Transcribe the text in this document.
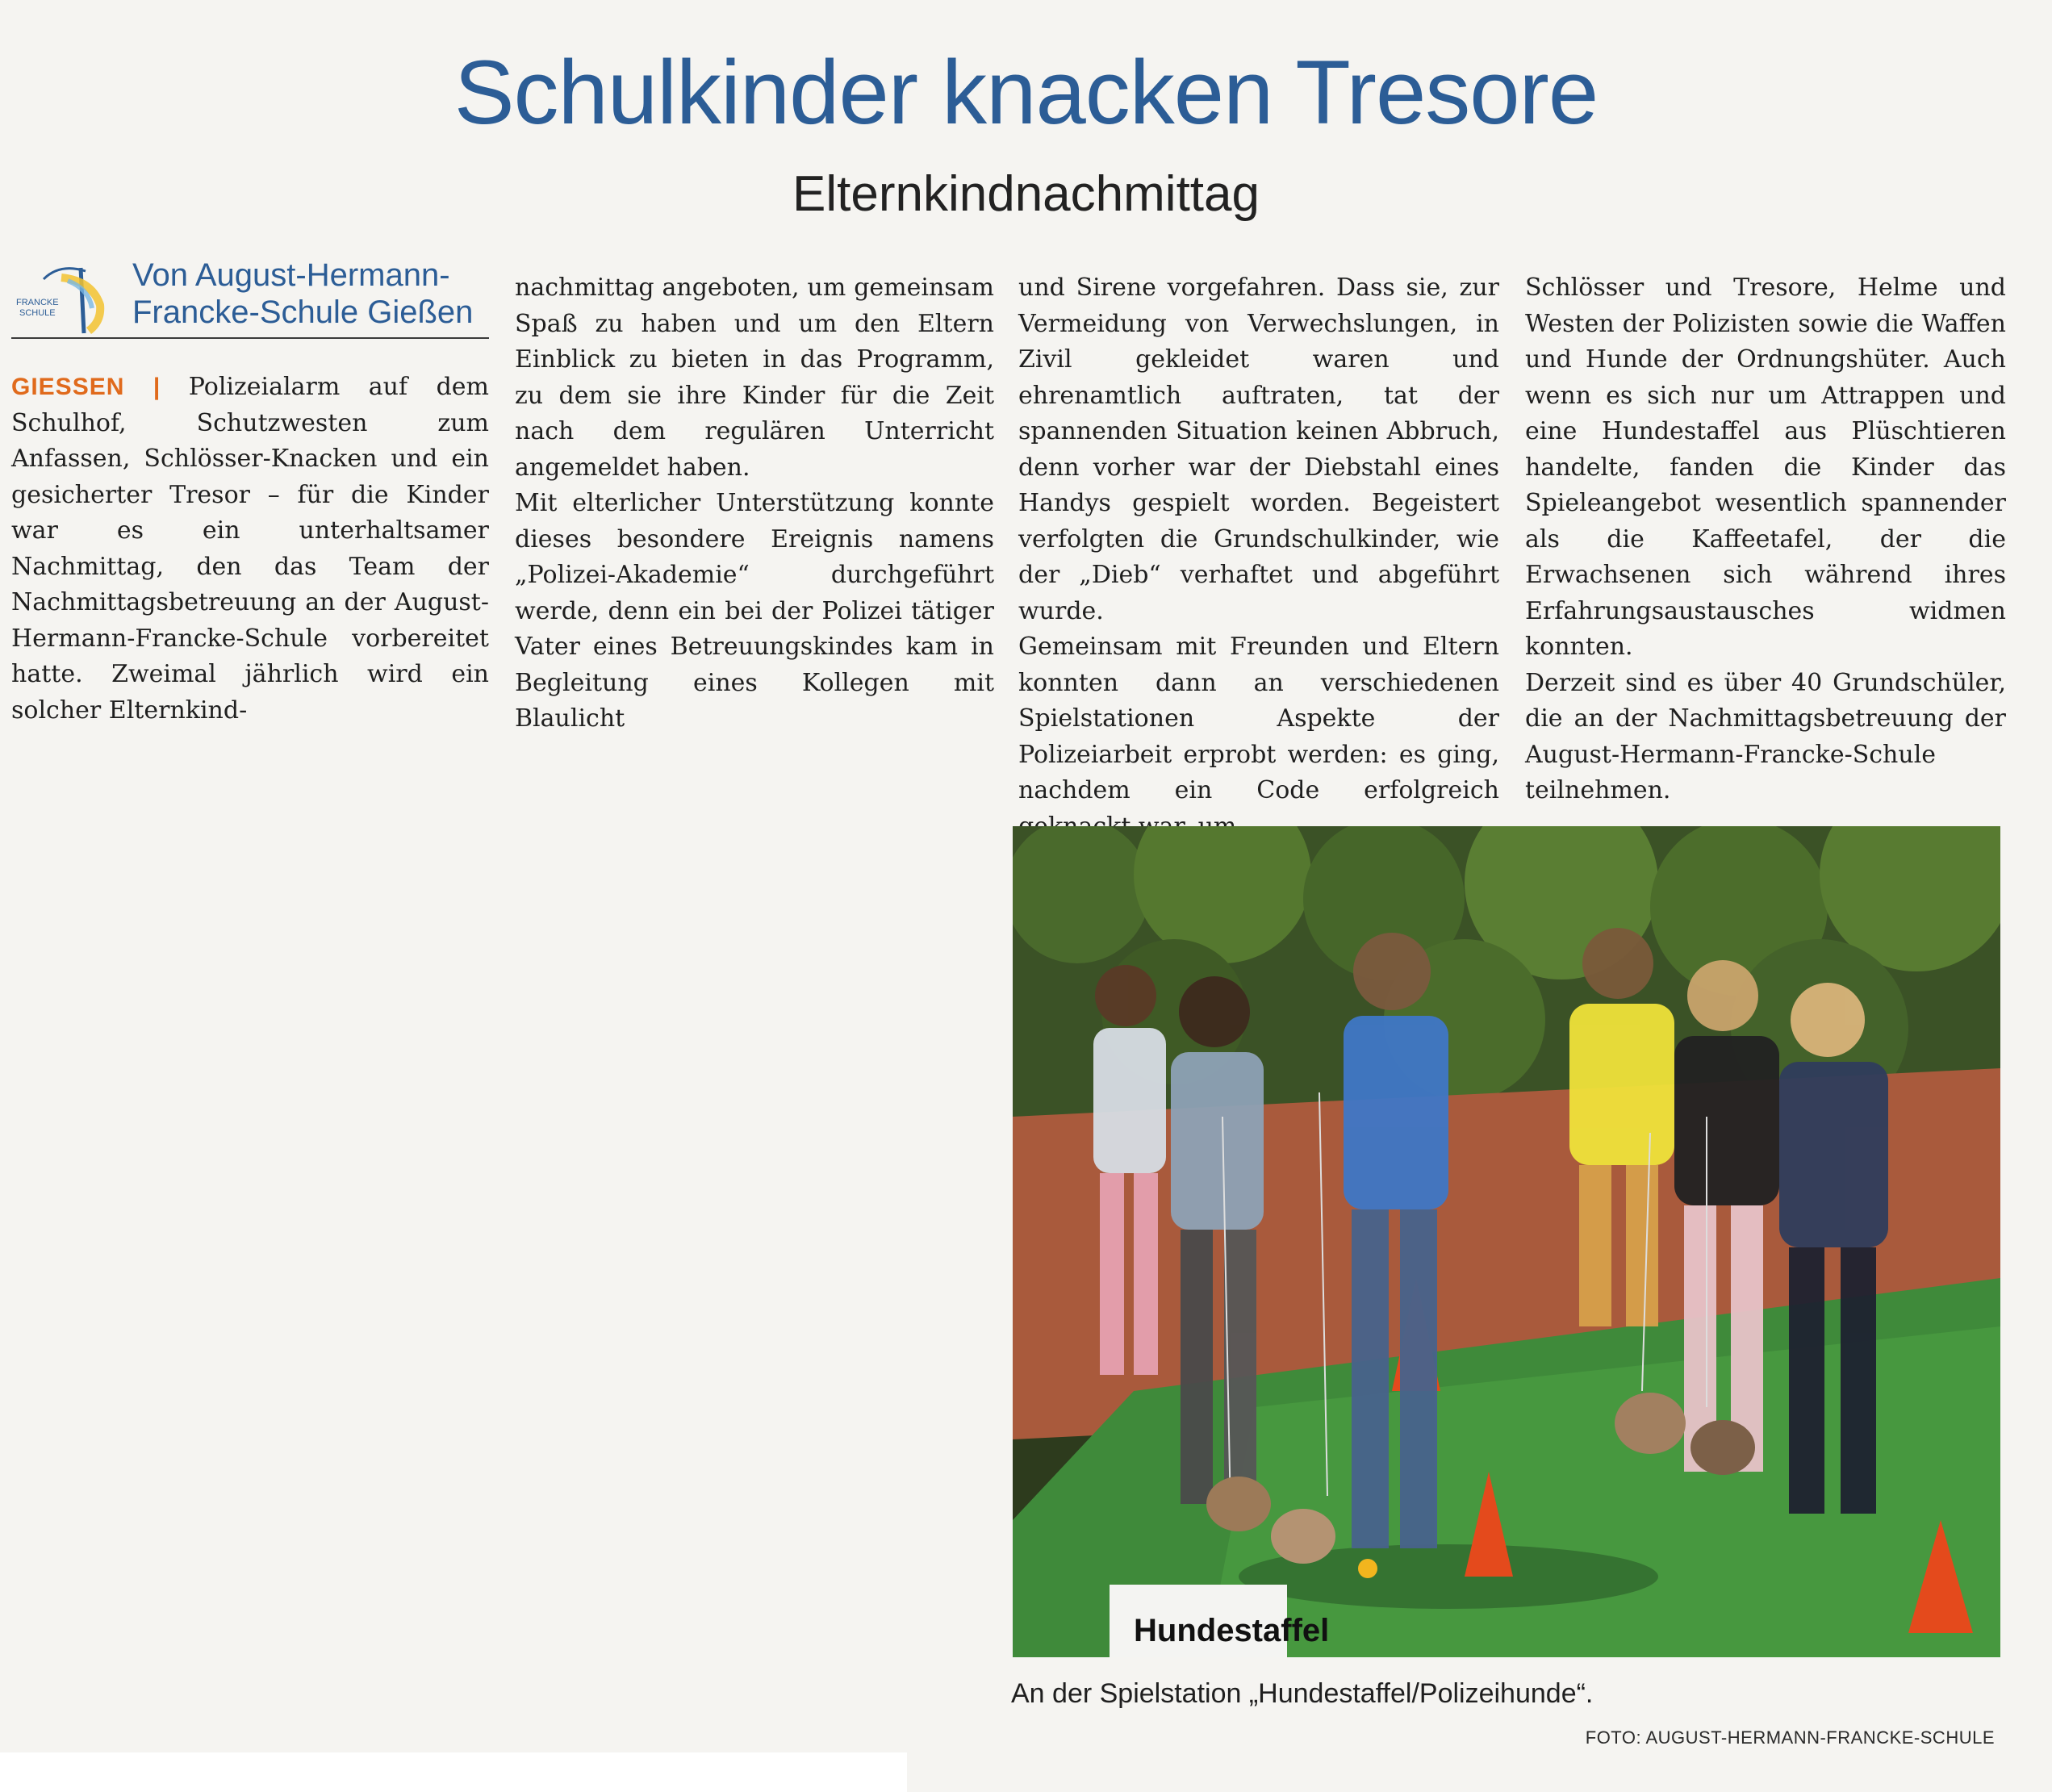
Schulkinder knacken Tresore
Elternkindnachmittag
FRANCKE
SCHULE
Von August-Hermann-
Francke-Schule Gießen

GIESSEN | Polizeialarm auf dem Schulhof, Schutzwesten zum Anfassen, Schlösser-Knacken und ein gesicherter Tresor – für die Kinder war es ein unterhaltsamer Nachmittag, den das Team der Nachmittagsbetreuung an der August-Hermann-Francke-Schule vorbereitet hatte. Zweimal jährlich wird ein solcher Elternkind-

nachmittag angeboten, um gemeinsam Spaß zu haben und um den Eltern Einblick zu bieten in das Programm, zu dem sie ihre Kinder für die Zeit nach dem regulären Unterricht angemeldet haben.

Mit elterlicher Unterstützung konnte dieses besondere Ereignis namens „Polizei-Akademie“ durchgeführt werde, denn ein bei der Polizei tätiger Vater eines Betreuungskindes kam in Begleitung eines Kollegen mit Blaulicht

und Sirene vorgefahren. Dass sie, zur Vermeidung von Verwechslungen, in Zivil gekleidet waren und ehrenamtlich auftraten, tat der spannenden Situation keinen Abbruch, denn vorher war der Diebstahl eines Handys gespielt worden. Begeistert verfolgten die Grundschulkinder, wie der „Dieb“ verhaftet und abgeführt wurde.

Gemeinsam mit Freunden und Eltern konnten dann an verschiedenen Spielstationen Aspekte der Polizeiarbeit erprobt werden: es ging, nachdem ein Code erfolgreich

Schlösser und Tresore, Helme und Westen der Polizisten sowie die Waffen und Hunde der Ordnungshüter. Auch wenn es sich nur um Attrappen und eine Hundestaffel aus Plüschtieren handelte, fanden die Kinder das Spieleangebot wesentlich spannender als die Kaffeetafel, der die Erwachsenen sich während ihres Erfahrungsaustausches widmen konnten.

Derzeit sind es über 40 Grundschüler, die an der Nachmittagsbetreuung der August-Hermann-Francke-Schule teilnehmen.

Hundestaffel
An der Spielstation „Hundestaffel/Polizeihunde“.
FOTO: AUGUST-HERMANN-FRANCKE-SCHULE
